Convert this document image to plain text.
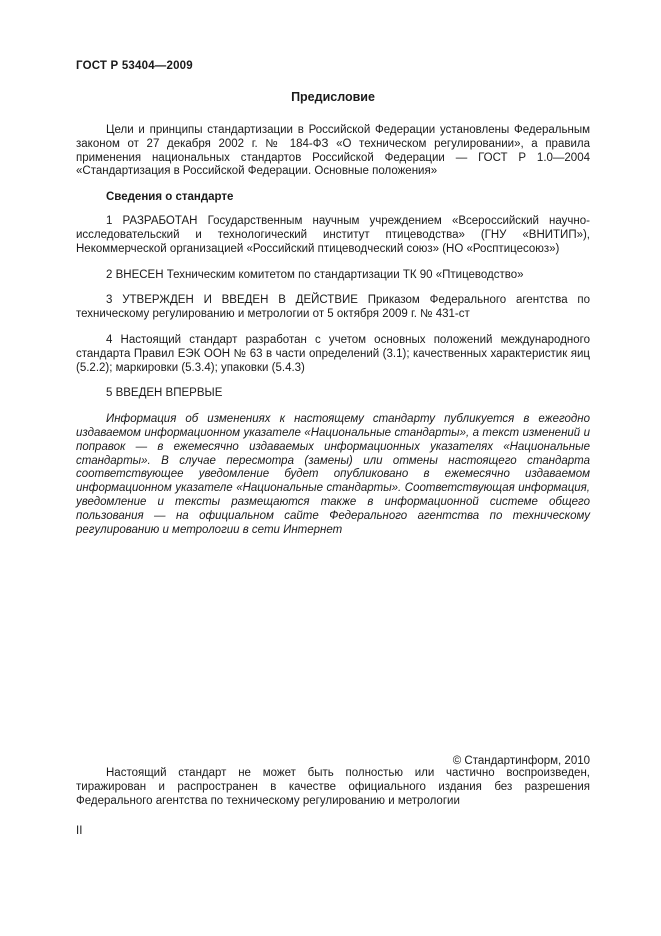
ГОСТ Р 53404—2009
Предисловие

Цели и принципы стандартизации в Российской Федерации установлены Федеральным законом от 27 декабря 2002 г. № 184-ФЗ «О техническом регулировании», а правила применения национальных стандартов Российской Федерации — ГОСТ Р 1.0—2004 «Стандартизация в Российской Федерации. Основные положения»

Сведения о стандарте

1 РАЗРАБОТАН Государственным научным учреждением «Всероссийский научно-исследовательский и технологический институт птицеводства» (ГНУ «ВНИТИП»), Некоммерческой организацией «Российский птицеводческий союз» (НО «Росптицесоюз»)

2 ВНЕСЕН Техническим комитетом по стандартизации ТК 90 «Птицеводство»

3 УТВЕРЖДЕН И ВВЕДЕН В ДЕЙСТВИЕ Приказом Федерального агентства по техническому регулированию и метрологии от 5 октября 2009 г. № 431-ст

4 Настоящий стандарт разработан с учетом основных положений международного стандарта Правил ЕЭК ООН № 63 в части определений (3.1); качественных характеристик яиц (5.2.2); маркировки (5.3.4); упаковки (5.4.3)

5 ВВЕДЕН ВПЕРВЫЕ

Информация об изменениях к настоящему стандарту публикуется в ежегодно издаваемом информационном указателе «Национальные стандарты», а текст изменений и поправок — в ежемесячно издаваемых информационных указателях «Национальные стандарты». В случае пересмотра (замены) или отмены настоящего стандарта соответствующее уведомление будет опубликовано в ежемесячно издаваемом информационном указателе «Национальные стандарты». Соответствующая информация, уведомление и тексты размещаются также в информационной системе общего пользования — на официальном сайте Федерального агентства по техническому регулированию и метрологии в сети Интернет

© Стандартинформ, 2010

Настоящий стандарт не может быть полностью или частично воспроизведен, тиражирован и распространен в качестве официального издания без разрешения Федерального агентства по техническому регулированию и метрологии

II
